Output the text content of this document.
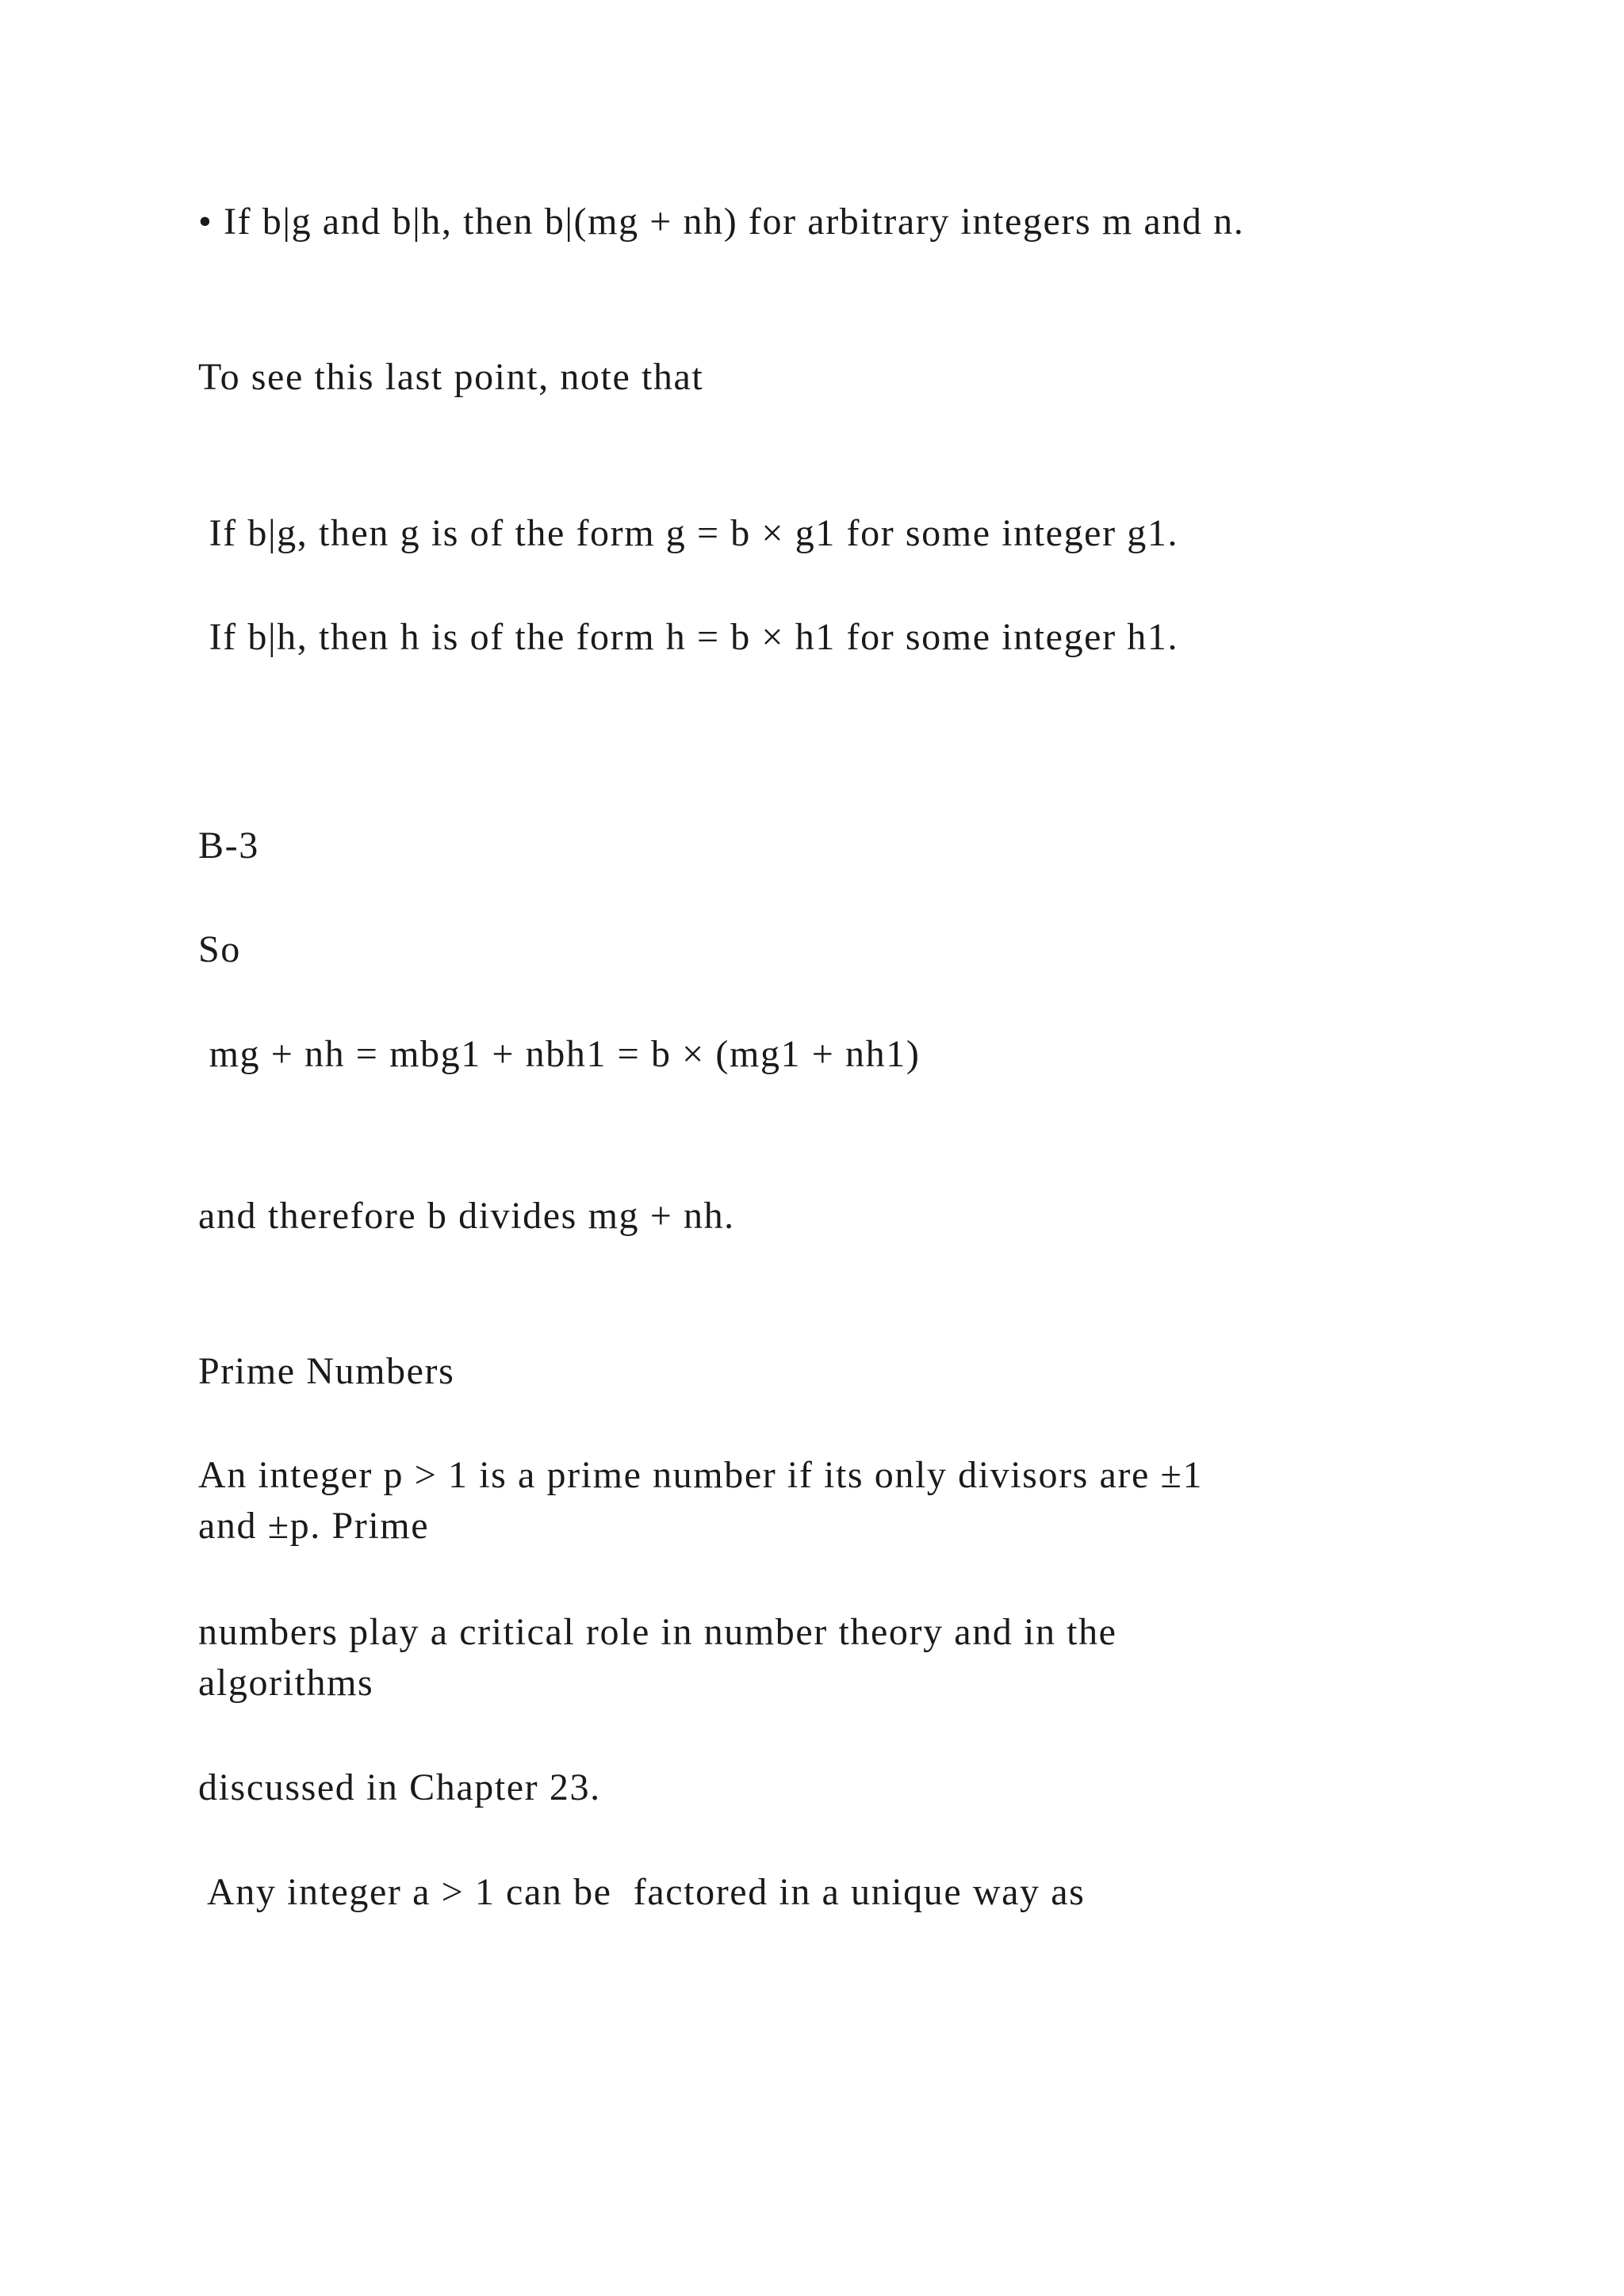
• If b|g and b|h, then b|(mg + nh) for arbitrary integers m and n.

To see this last point, note that

If b|g, then g is of the form g = b × g1 for some integer g1.

If b|h, then h is of the form h = b × h1 for some integer h1.

B-3

So

mg + nh = mbg1 + nbh1 = b × (mg1 + nh1)

and therefore b divides mg + nh.

Prime Numbers

An integer p > 1 is a prime number if its only divisors are ±1

and ±p. Prime

numbers play a critical role in number theory and in the

algorithms

discussed in Chapter 23.

Any integer a > 1 can be  factored in a unique way as
